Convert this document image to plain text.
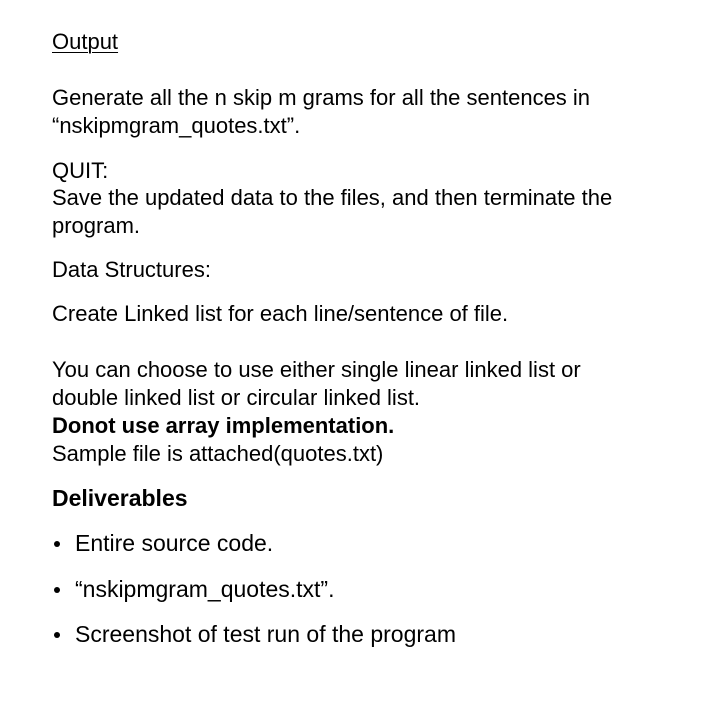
Output
Generate all the n skip m grams for all the sentences in
“nskipmgram_quotes.txt”.
QUIT:
Save the updated data to the files, and then terminate the
program.
Data Structures:
Create Linked list for each line/sentence of file.
You can choose to use either single linear linked list or
double linked list or circular linked list.
Donot use array implementation.
Sample file is attached(quotes.txt)
Deliverables
Entire source code.
“nskipmgram_quotes.txt”.
Screenshot of test run of the program
